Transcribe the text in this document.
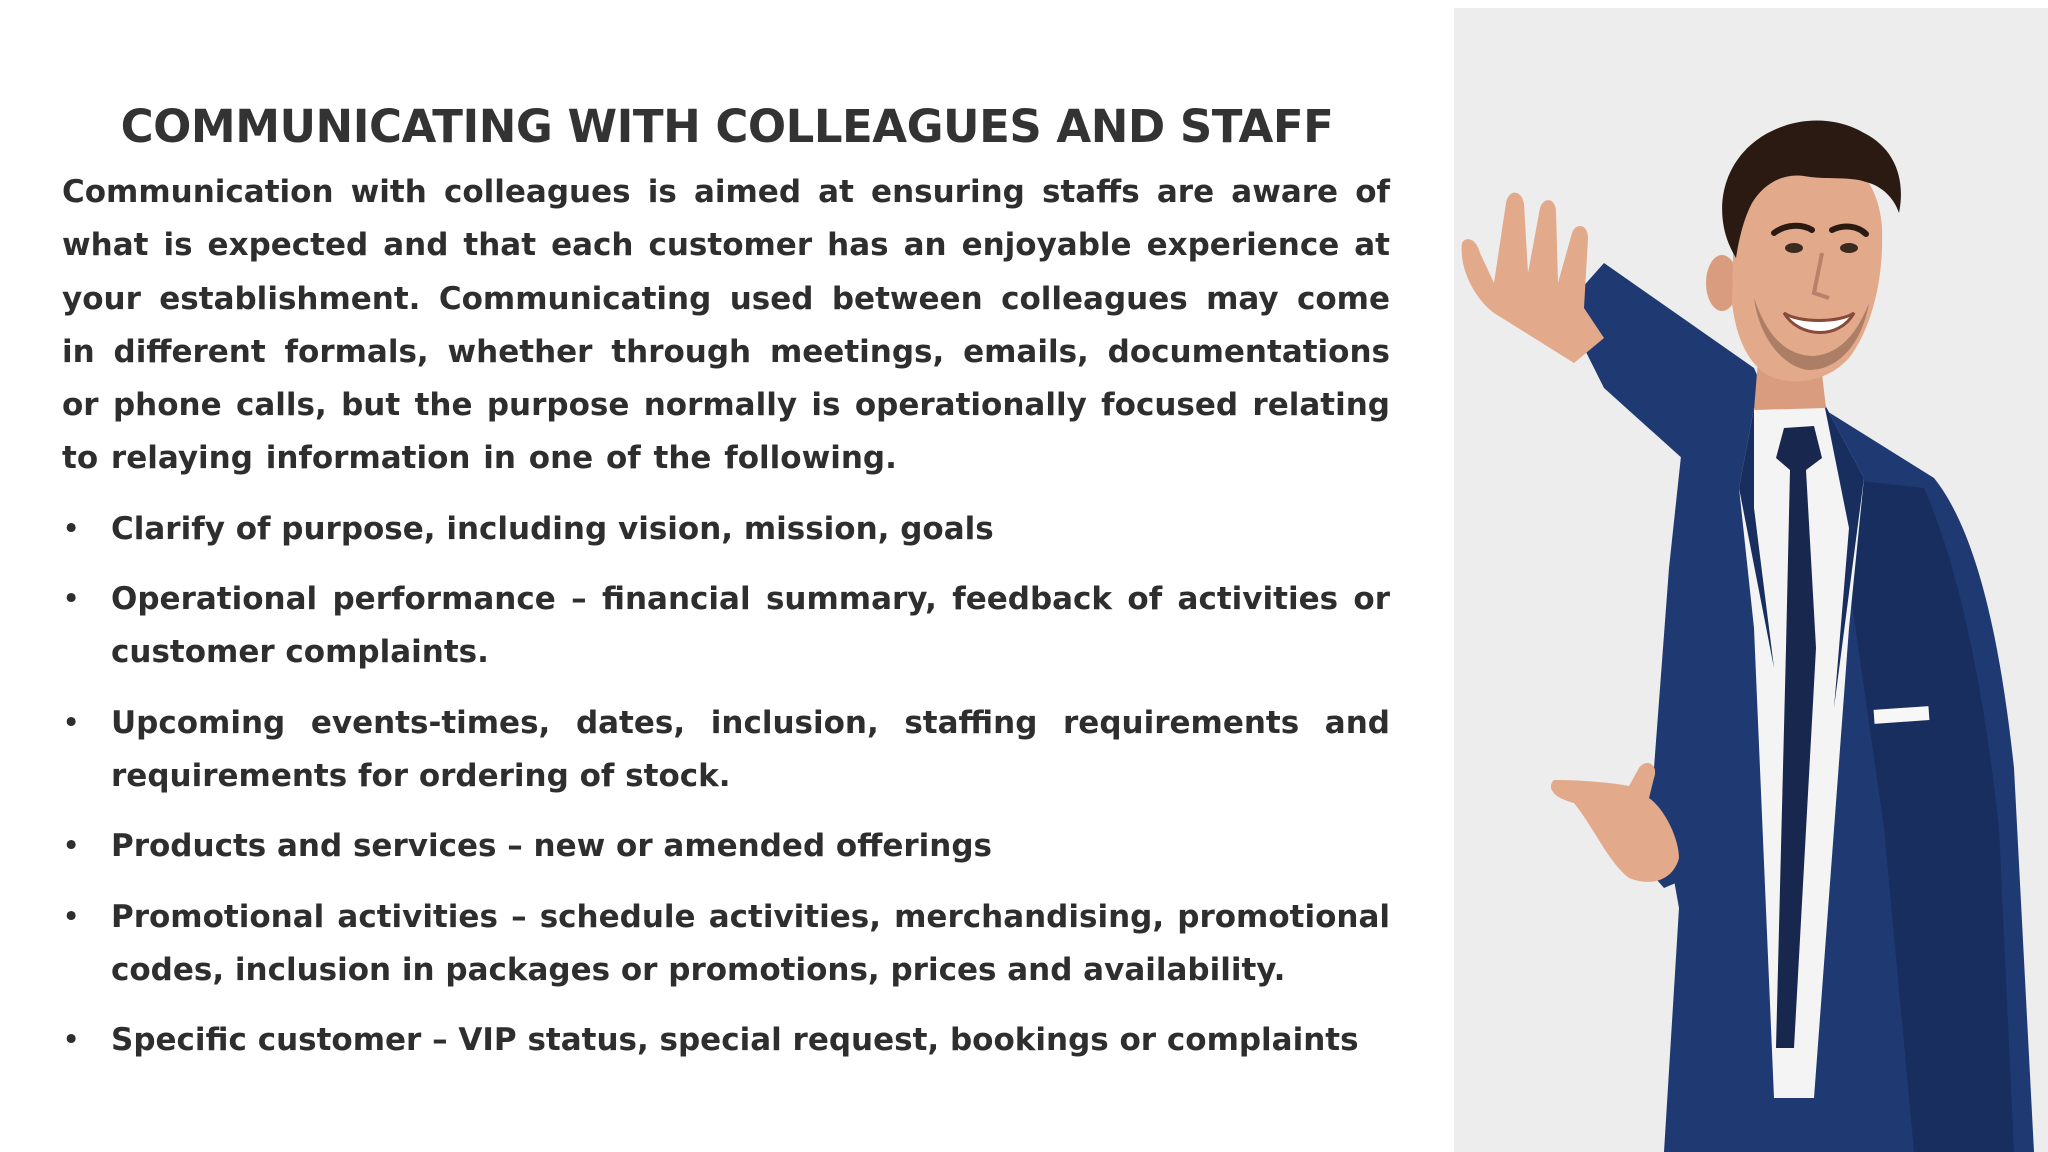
COMMUNICATING WITH COLLEAGUES AND STAFF

Communication with colleagues is aimed at ensuring staffs are aware of what is expected and that each customer has an enjoyable experience at your establishment. Communicating used between colleagues may come in different formals, whether through meetings, emails, documentations or phone calls, but the purpose normally is operationally focused relating to relaying information in one of the following.

• Clarify of purpose, including vision, mission, goals
• Operational performance – financial summary, feedback of activities or customer complaints.
• Upcoming events-times, dates, inclusion, staffing requirements and requirements for ordering of stock.
• Products and services – new or amended offerings
• Promotional activities – schedule activities, merchandising, promotional codes, inclusion in packages or promotions, prices and availability.
• Specific customer – VIP status, special request, bookings or complaints
